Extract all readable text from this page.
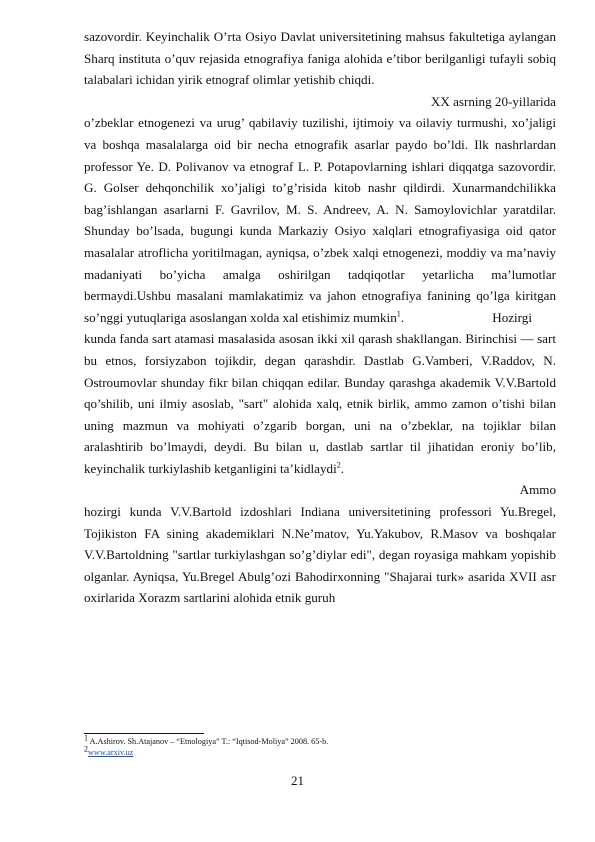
sazovordir. Keyinchalik O’rta Osiyo Davlat universitetining mahsus fakultetiga aylangan Sharq institutа o’quv rejasida etnografiya faniga alohida e’tibor berilganligi tufayli sobiq talabalari ichidan yirik etnograf olimlar yetishib chiqdi.

XX asrning 20-yillarida

o’zbeklar etnogenezi va urug’ qabilaviy tuzilishi, ijtimoiy va oilaviy turmushi, xo’jaligi va boshqa masalalarga oid bir necha etnografik asarlar paydo bo’ldi. Ilk nashrlardan professor Ye. D. Polivanov va etnograf L. P. Potapovlarning ishlari diqqatga sazovordir. G. Golser dehqonchilik xo’jaligi to’g’risida kitob nashr qildirdi. Xunarmandchilikka bag’ishlangan asarlarni F. Gavrilov, M. S. Andreev, A. N. Samoylovichlar yaratdilar. Shunday bo’lsada, bugungi kunda Markaziy Osiyo xalqlari etnografiyasiga oid qator masalalar atroflicha yoritilmagan, ayniqsa, o’zbek xalqi etnogenezi, moddiy va ma’naviy madaniyati bo’yicha amalga oshirilgan tadqiqotlar yetarlicha ma’lumotlar bermaydi.Ushbu masalani mamlakatimiz va jahon etnografiya fanining qo’lga kiritgan so’nggi yutuqlariga asoslangan xolda xal etishimiz mumkin$^1$.	Hozirgi

kunda fanda sart atamasi masalasida asosan ikki xil qarash shakllangan. Birinchisi — sart bu etnos, forsiyzabon tojikdir, degan qarashdir. Dastlab G.Vamberi, V.Raddov, N. Ostroumovlar shunday fikr bilan chiqqan edilar. Bunday qarashga akademik V.V.Bartold qo’shilib, uni ilmiy asoslab, "sart" alohida xalq, etnik birlik, ammo zamon o’tishi bilan uning mazmun va mohiyati o’zgarib borgan, uni na o’zbeklar, na tojiklar bilan aralashtirib bo’lmaydi, deydi. Bu bilan u, dastlab sartlar til jihatidan eroniy bo’lib, keyinchalik turkiylashib ketganligini ta’kidlaydi$^2$.

Ammo

hozirgi kunda V.V.Bartold izdoshlari Indiana universitetining professori Yu.Bregel, Tojikiston FA sining akademiklari N.Ne’matov, Yu.Yakubov, R.Masov va boshqalar V.V.Bartoldning "sartlar turkiylashgan so’g’diylar edi", degan royasiga mahkam yopishib olganlar. Ayniqsa, Yu.Bregel Abulg’ozi Bahodirxonning "Shajarai turk» asarida XVII asr oxirlarida Xorazm sartlarini alohida etnik guruh

$^1$ A.Ashirov. Sh.Atajanov – “Etnologiya” T.: “Iqtisod-Moliya” 2008. 65-b.
$^2$www.arxiv.uz
21
